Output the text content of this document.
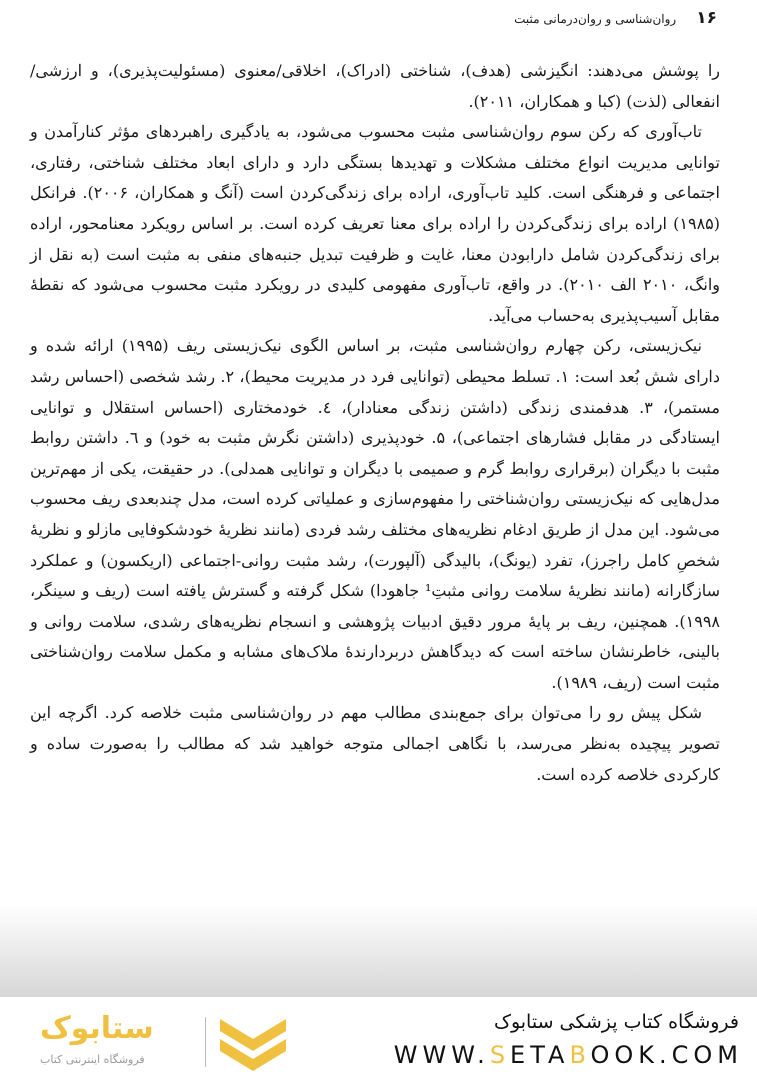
۱۶
روان‌شناسی و روان‌درمانی مثبت

را پوشش می‌دهند: انگیزشی (هدف)، شناختی (ادراک)، اخلاقی/معنوی (مسئولیت‌پذیری)، و ارزشی/انفعالی (لذت) (کبا و همکاران، ۲۰۱۱).

تاب‌آوری که رکن سوم روان‌شناسی مثبت محسوب می‌شود، به یادگیری راهبردهای مؤثر کنارآمدن و توانایی مدیریت انواع مختلف مشکلات و تهدیدها بستگی دارد و دارای ابعاد مختلف شناختی، رفتاری، اجتماعی و فرهنگی است. کلید تاب‌آوری، اراده برای زندگی‌کردن است (آنگ و همکاران، ۲۰۰۶). فرانکل (۱۹۸۵) اراده برای زندگی‌کردن را اراده برای معنا تعریف کرده است. بر اساس رویکرد معنامحور، اراده برای زندگی‌کردن شامل دارابودن معنا، غایت و ظرفیت تبدیل جنبه‌های منفی به مثبت است (به نقل از وانگ، ۲۰۱۰ الف ۲۰۱۰). در واقع، تاب‌آوری مفهومی کلیدی در رویکرد مثبت محسوب می‌شود که نقطهٔ مقابل آسیب‌پذیری به‌حساب می‌آید.

نیک‌زیستی، رکن چهارم روان‌شناسی مثبت، بر اساس الگوی نیک‌زیستی ریف (۱۹۹۵) ارائه شده و دارای شش بُعد است: ۱. تسلط محیطی (توانایی فرد در مدیریت محیط)، ۲. رشد شخصی (احساس رشد مستمر)، ۳. هدفمندی زندگی (داشتن زندگی معنادار)، ٤. خودمختاری (احساس استقلال و توانایی ایستادگی در مقابل فشارهای اجتماعی)، ۵. خودپذیری (داشتن نگرش مثبت به خود) و ٦. داشتن روابط مثبت با دیگران (برقراری روابط گرم و صمیمی با دیگران و توانایی همدلی). در حقیقت، یکی از مهم‌ترین مدل‌هایی که نیک‌زیستی روان‌شناختی را مفهوم‌سازی و عملیاتی کرده است، مدل چندبعدی ریف محسوب می‌شود. این مدل از طریق ادغام نظریه‌های مختلف رشد فردی (مانند نظریهٔ خودشکوفایی مازلو و نظریهٔ شخصِ کامل راجرز)، تفرد (یونگ)، بالیدگی (آلپورت)، رشد مثبت روانی-اجتماعی (اریکسون) و عملکرد سازگارانه (مانند نظریهٔ سلامت روانی مثبتِ¹ جاهودا) شکل گرفته و گسترش یافته است (ریف و سینگر، ۱۹۹۸). همچنین، ریف بر پایهٔ مرور دقیق ادبیات پژوهشی و انسجام نظریه‌های رشدی، سلامت روانی و بالینی، خاطرنشان ساخته است که دیدگاهش دربردارندهٔ ملاک‌های مشابه و مکمل سلامت روان‌شناختی مثبت است (ریف، ۱۹۸۹).

شکل پیش رو را می‌توان برای جمع‌بندی مطالب مهم در روان‌شناسی مثبت خلاصه کرد. اگرچه این تصویر پیچیده به‌نظر می‌رسد، با نگاهی اجمالی متوجه خواهید شد که مطالب را به‌صورت ساده و کارکردی خلاصه کرده است.

ستابوک
فروشگاه اینترنتی کتاب
فروشگاه کتاب پزشکی ستابوک
WWW.SETABOOK.COM
